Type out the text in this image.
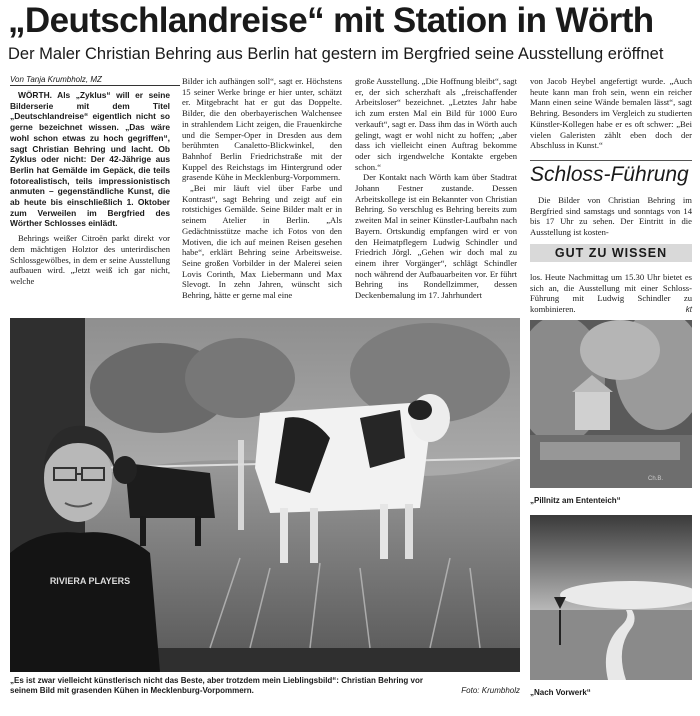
„Deutschlandreise“ mit Station in Wörth
Der Maler Christian Behring aus Berlin hat gestern im Bergfried seine Ausstellung eröffnet
Von Tanja Krumbholz, MZ

WÖRTH. Als „Zyklus“ will er seine Bilderserie mit dem Titel „Deutschlandreise“ eigentlich nicht so gerne bezeichnet wissen. „Das wäre wohl schon etwas zu hoch gegriffen“, sagt Christian Behring und lacht. Ob Zyklus oder nicht: Der 42-Jährige aus Berlin hat Gemälde im Gepäck, die teils fotorealistisch, teils impressionistisch anmuten – gegenständliche Kunst, die ab heute bis einschließlich 1. Oktober zum Verweilen im Bergfried des Wörther Schlosses einlädt.

Behrings weißer Citroën parkt direkt vor dem mächtigen Holztor des unterirdischen Schlossgewölbes, in dem er seine Ausstellung aufbauen wird. „Jetzt weiß ich gar nicht, welche

Bilder ich aufhängen soll“, sagt er. Höchstens 15 seiner Werke bringe er hier unter, schätzt er. Mitgebracht hat er gut das Doppelte. Bilder, die den oberbayerischen Walchensee in strahlendem Licht zeigen, die Frauenkirche und die Semper-Oper in Dresden aus dem berühmten Canaletto-Blickwinkel, den Bahnhof Berlin Friedrichstraße mit der Kuppel des Reichstags im Hintergrund oder grasende Kühe in Mecklenburg-Vorpommern.

„Bei mir läuft viel über Farbe und Kontrast“, sagt Behring und zeigt auf ein rotstichiges Gemälde. Seine Bilder malt er in seinem Atelier in Berlin. „Als Gedächtnisstütze mache ich Fotos von den Motiven, die ich auf meinen Reisen gesehen habe“, erklärt Behring seine Arbeitsweise. Seine großen Vorbilder in der Malerei seien Lovis Corinth, Max Liebermann und Max Slevogt. In zehn Jahren, wünscht sich Behring, hätte er gerne mal eine

große Ausstellung. „Die Hoffnung bleibt“, sagt er, der sich scherzhaft als „freischaffender Arbeitsloser“ bezeichnet. „Letztes Jahr habe ich zum ersten Mal ein Bild für 1000 Euro verkauft“, sagt er. Dass ihm das in Wörth auch gelingt, wagt er wohl nicht zu hoffen; „aber dass ich vielleicht einen Auftrag bekomme oder sich irgendwelche Kontakte ergeben schon.“

Der Kontakt nach Wörth kam über Stadtrat Johann Festner zustande. Dessen Arbeitskollege ist ein Bekannter von Christian Behring. So verschlug es Behring bereits zum zweiten Mal in seiner Künstler-Laufbahn nach Bayern. Ortskundig empfangen wird er von den Heimatpflegern Ludwig Schindler und Friedrich Jörgl. „Gehen wir doch mal zu einem ihrer Vorgänger“, schlägt Schindler noch während der Aufbauarbeiten vor. Er führt Behring ins Rondellzimmer, dessen Deckenbemalung im 17. Jahrhundert

von Jacob Heybel angefertigt wurde. „Auch heute kann man froh sein, wenn ein reicher Mann einen seine Wände bemalen lässt“, sagt Behring. Besonders im Vergleich zu studierten Künstler-Kollegen habe er es oft schwer: „Bei vielen Galeristen zählt eben doch der Abschluss in Kunst.“

Schloss-Führung

Die Bilder von Christian Behring im Bergfried sind samstags und sonntags von 14 bis 17 Uhr zu sehen. Der Eintritt in die Ausstellung ist kosten-

GUT ZU WISSEN

los. Heute Nachmittag um 15.30 Uhr bietet es sich an, die Ausstellung mit einer Schloss-Führung mit Ludwig Schindler zu kombinieren.	kt
RIVIERA PLAYERS
„Es ist zwar vielleicht künstlerisch nicht das Beste, aber trotzdem mein Lieblingsbild“: Christian Behring vor seinem Bild mit grasenden Kühen in Mecklenburg-Vorpommern.	Foto: Krumbholz
Ch.B.
„Pillnitz am Ententeich“
„Nach Vorwerk“
